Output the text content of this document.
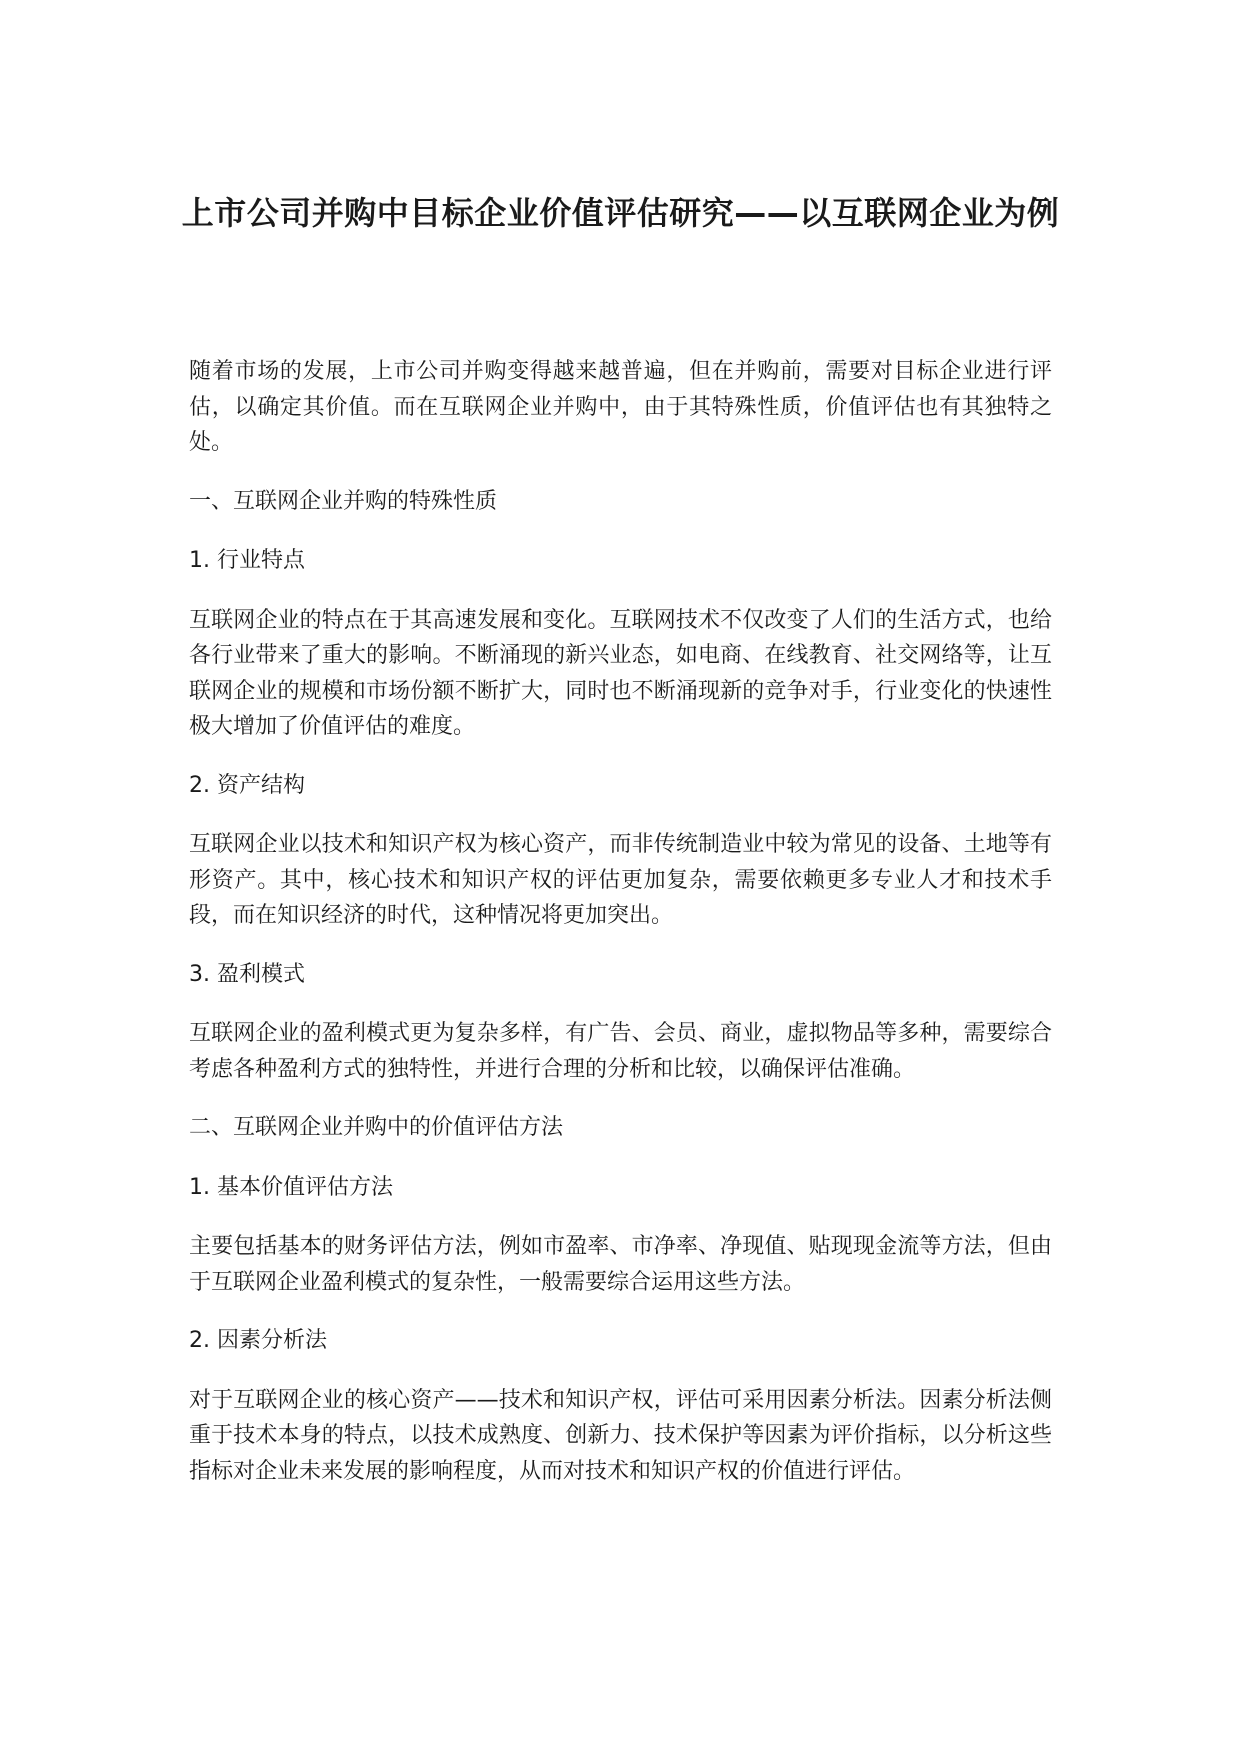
上市公司并购中目标企业价值评估研究——以互联网企业为例

随着市场的发展，上市公司并购变得越来越普遍，但在并购前，需要对目标企业进行评估，以确定其价值。而在互联网企业并购中，由于其特殊性质，价值评估也有其独特之处。

一、互联网企业并购的特殊性质

1. 行业特点

互联网企业的特点在于其高速发展和变化。互联网技术不仅改变了人们的生活方式，也给各行业带来了重大的影响。不断涌现的新兴业态，如电商、在线教育、社交网络等，让互联网企业的规模和市场份额不断扩大，同时也不断涌现新的竞争对手，行业变化的快速性极大增加了价值评估的难度。

2. 资产结构

互联网企业以技术和知识产权为核心资产，而非传统制造业中较为常见的设备、土地等有形资产。其中，核心技术和知识产权的评估更加复杂，需要依赖更多专业人才和技术手段，而在知识经济的时代，这种情况将更加突出。

3. 盈利模式

互联网企业的盈利模式更为复杂多样，有广告、会员、商业，虚拟物品等多种，需要综合考虑各种盈利方式的独特性，并进行合理的分析和比较，以确保评估准确。

二、互联网企业并购中的价值评估方法

1. 基本价值评估方法

主要包括基本的财务评估方法，例如市盈率、市净率、净现值、贴现现金流等方法，但由于互联网企业盈利模式的复杂性，一般需要综合运用这些方法。

2. 因素分析法

对于互联网企业的核心资产——技术和知识产权，评估可采用因素分析法。因素分析法侧重于技术本身的特点，以技术成熟度、创新力、技术保护等因素为评价指标，以分析这些指标对企业未来发展的影响程度，从而对技术和知识产权的价值进行评估。
